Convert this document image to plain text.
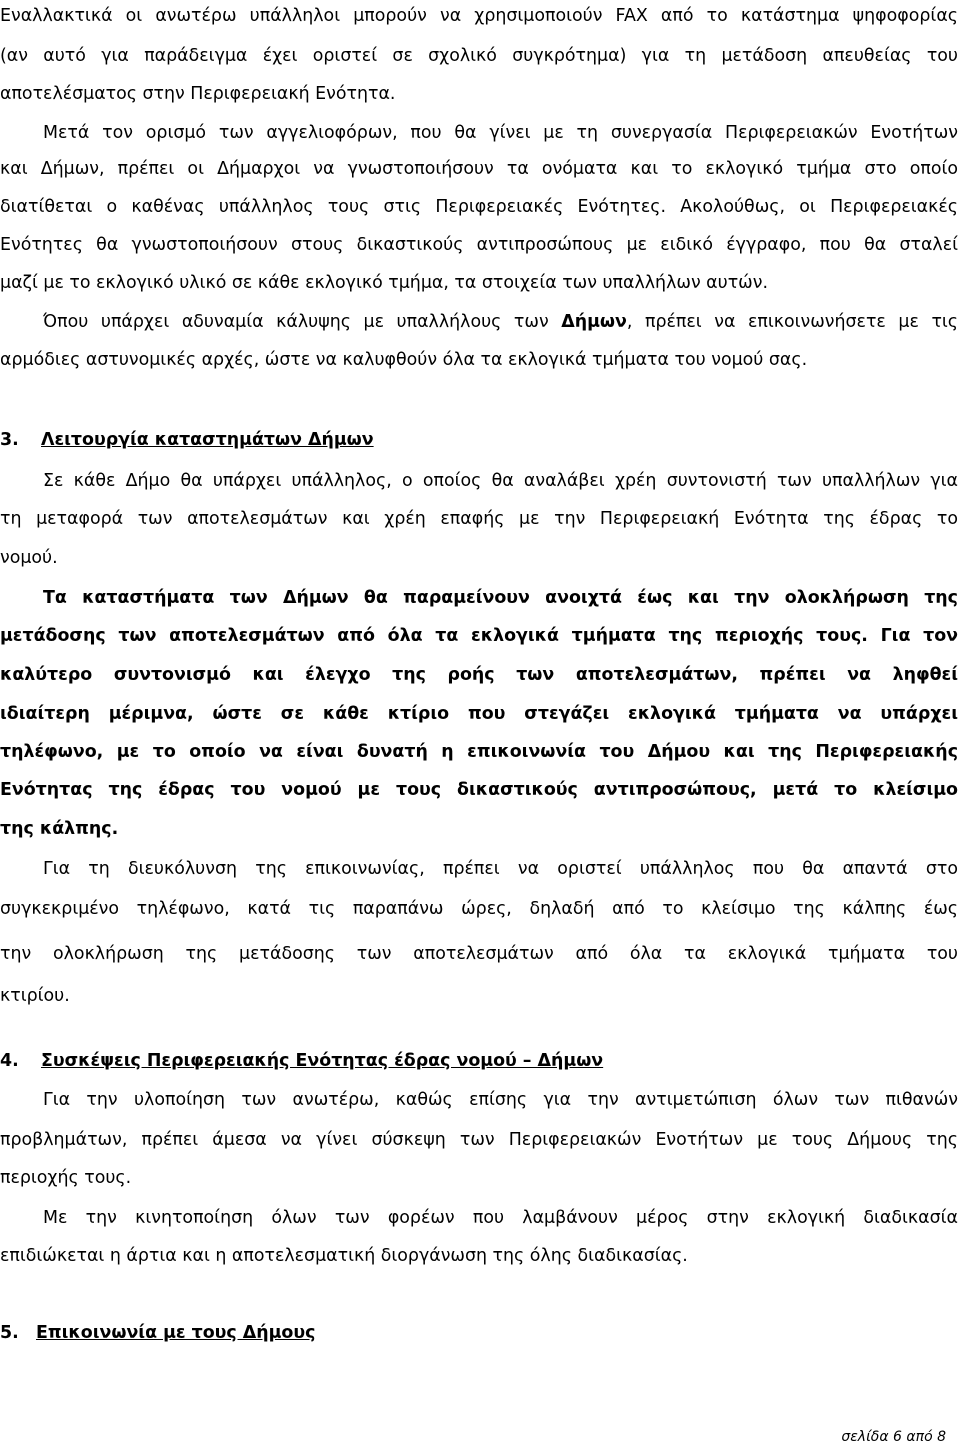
Εναλλακτικά οι ανωτέρω υπάλληλοι μπορούν να χρησιμοποιούν FAX από το κατάστημα ψηφοφορίας
(αν αυτό για παράδειγμα έχει οριστεί σε σχολικό συγκρότημα) για τη μετάδοση απευθείας του
αποτελέσματος στην Περιφερειακή Ενότητα.
Μετά τον ορισμό των αγγελιοφόρων, που θα γίνει με τη συνεργασία Περιφερειακών Ενοτήτων
και Δήμων, πρέπει οι Δήμαρχοι να γνωστοποιήσουν τα ονόματα και το εκλογικό τμήμα στο οποίο
διατίθεται ο καθένας υπάλληλος τους στις Περιφερειακές Ενότητες. Ακολούθως, οι Περιφερειακές
Ενότητες θα γνωστοποιήσουν στους δικαστικούς αντιπροσώπους με ειδικό έγγραφο, που θα σταλεί
μαζί με το εκλογικό υλικό σε κάθε εκλογικό τμήμα, τα στοιχεία των υπαλλήλων αυτών.
Όπου υπάρχει αδυναμία κάλυψης με υπαλλήλους των Δήμων, πρέπει να επικοινωνήσετε με τις
αρμόδιες αστυνομικές αρχές, ώστε να καλυφθούν όλα τα εκλογικά τμήματα του νομού σας.
3. Λειτουργία καταστημάτων Δήμων
Σε κάθε Δήμο θα υπάρχει υπάλληλος, ο οποίος θα αναλάβει χρέη συντονιστή των υπαλλήλων για
τη μεταφορά των αποτελεσμάτων και χρέη επαφής με την Περιφερειακή Ενότητα της έδρας το
νομού.
Τα καταστήματα των Δήμων θα παραμείνουν ανοιχτά έως και την ολοκλήρωση της
μετάδοσης των αποτελεσμάτων από όλα τα εκλογικά τμήματα της περιοχής τους. Για τον
καλύτερο συντονισμό και έλεγχο της ροής των αποτελεσμάτων, πρέπει να ληφθεί
ιδιαίτερη μέριμνα, ώστε σε κάθε κτίριο που στεγάζει εκλογικά τμήματα να υπάρχει
τηλέφωνο, με το οποίο να είναι δυνατή η επικοινωνία του Δήμου και της Περιφερειακής
Ενότητας της έδρας του νομού με τους δικαστικούς αντιπροσώπους, μετά το κλείσιμο
της κάλπης.
Για τη διευκόλυνση της επικοινωνίας, πρέπει να οριστεί υπάλληλος που θα απαντά στο
συγκεκριμένο τηλέφωνο, κατά τις παραπάνω ώρες, δηλαδή από το κλείσιμο της κάλπης έως
την ολοκλήρωση της μετάδοσης των αποτελεσμάτων από όλα τα εκλογικά τμήματα του
κτιρίου.
4. Συσκέψεις Περιφερειακής Ενότητας έδρας νομού – Δήμων
Για την υλοποίηση των ανωτέρω, καθώς επίσης για την αντιμετώπιση όλων των πιθανών
προβλημάτων, πρέπει άμεσα να γίνει σύσκεψη των Περιφερειακών Ενοτήτων με τους Δήμους της
περιοχής τους.
Με την κινητοποίηση όλων των φορέων που λαμβάνουν μέρος στην εκλογική διαδικασία
επιδιώκεται η άρτια και η αποτελεσματική διοργάνωση της όλης διαδικασίας.
5. Επικοινωνία με τους Δήμους
σελίδα 6 από 8
